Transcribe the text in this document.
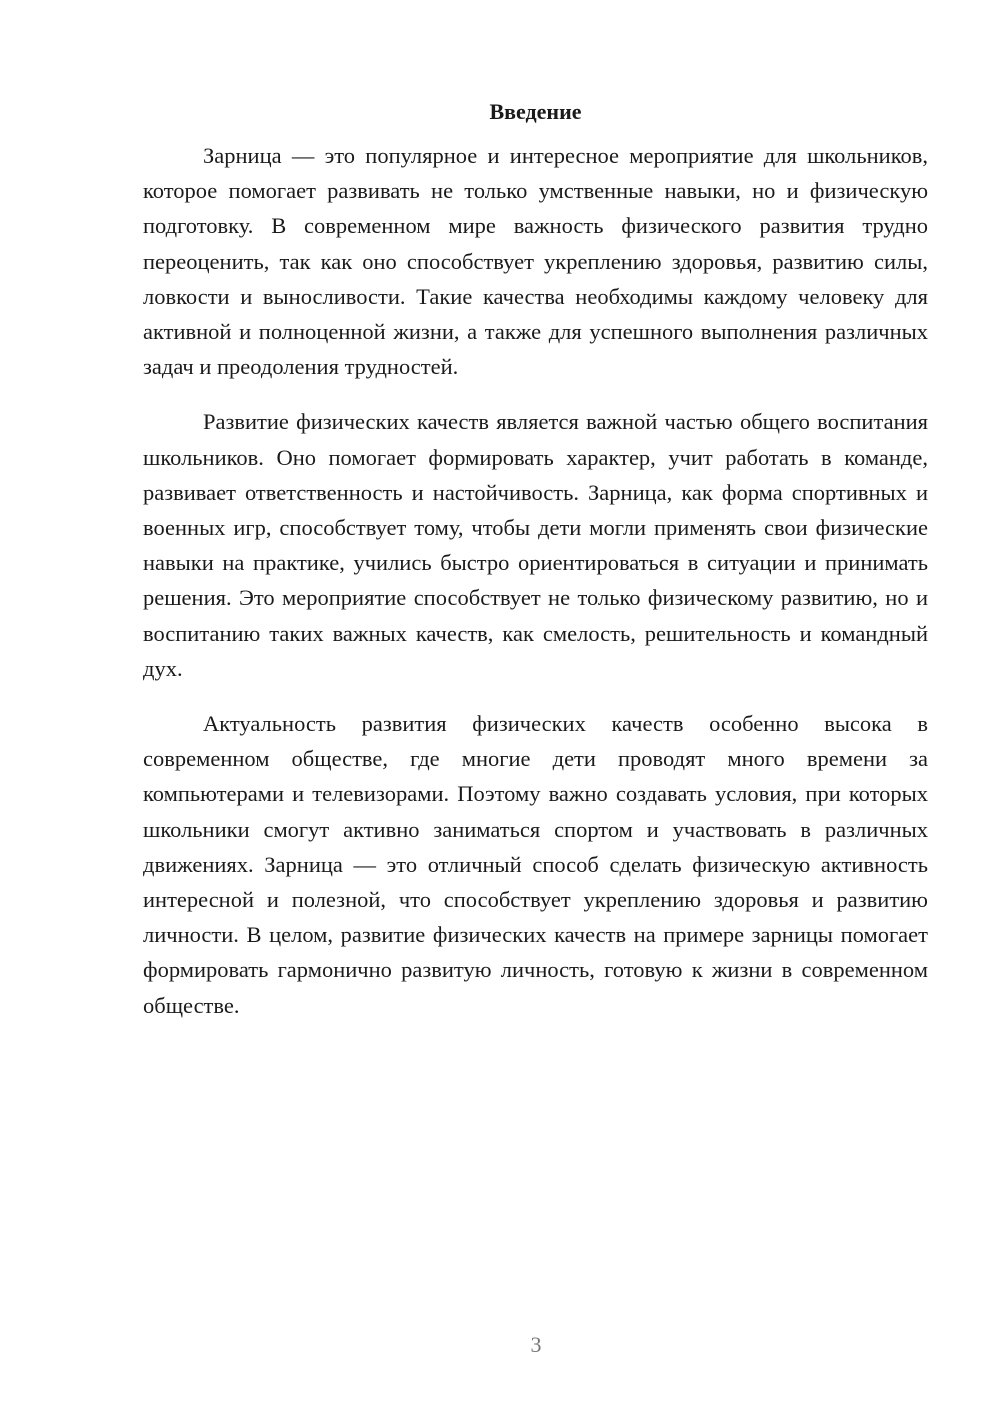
Введение

Зарница — это популярное и интересное мероприятие для школьников, которое помогает развивать не только умственные навыки, но и физическую подготовку. В современном мире важность физического развития трудно переоценить, так как оно способствует укреплению здоровья, развитию силы, ловкости и выносливости. Такие качества необходимы каждому человеку для активной и полноценной жизни, а также для успешного выполнения различных задач и преодоления трудностей.

Развитие физических качеств является важной частью общего воспитания школьников. Оно помогает формировать характер, учит работать в команде, развивает ответственность и настойчивость. Зарница, как форма спортивных и военных игр, способствует тому, чтобы дети могли применять свои физические навыки на практике, учились быстро ориентироваться в ситуации и принимать решения. Это мероприятие способствует не только физическому развитию, но и воспитанию таких важных качеств, как смелость, решительность и командный дух.

Актуальность развития физических качеств особенно высока в современном обществе, где многие дети проводят много времени за компьютерами и телевизорами. Поэтому важно создавать условия, при которых школьники смогут активно заниматься спортом и участвовать в различных движениях. Зарница — это отличный способ сделать физическую активность интересной и полезной, что способствует укреплению здоровья и развитию личности. В целом, развитие физических качеств на примере зарницы помогает формировать гармонично развитую личность, готовую к жизни в современном обществе.

3
